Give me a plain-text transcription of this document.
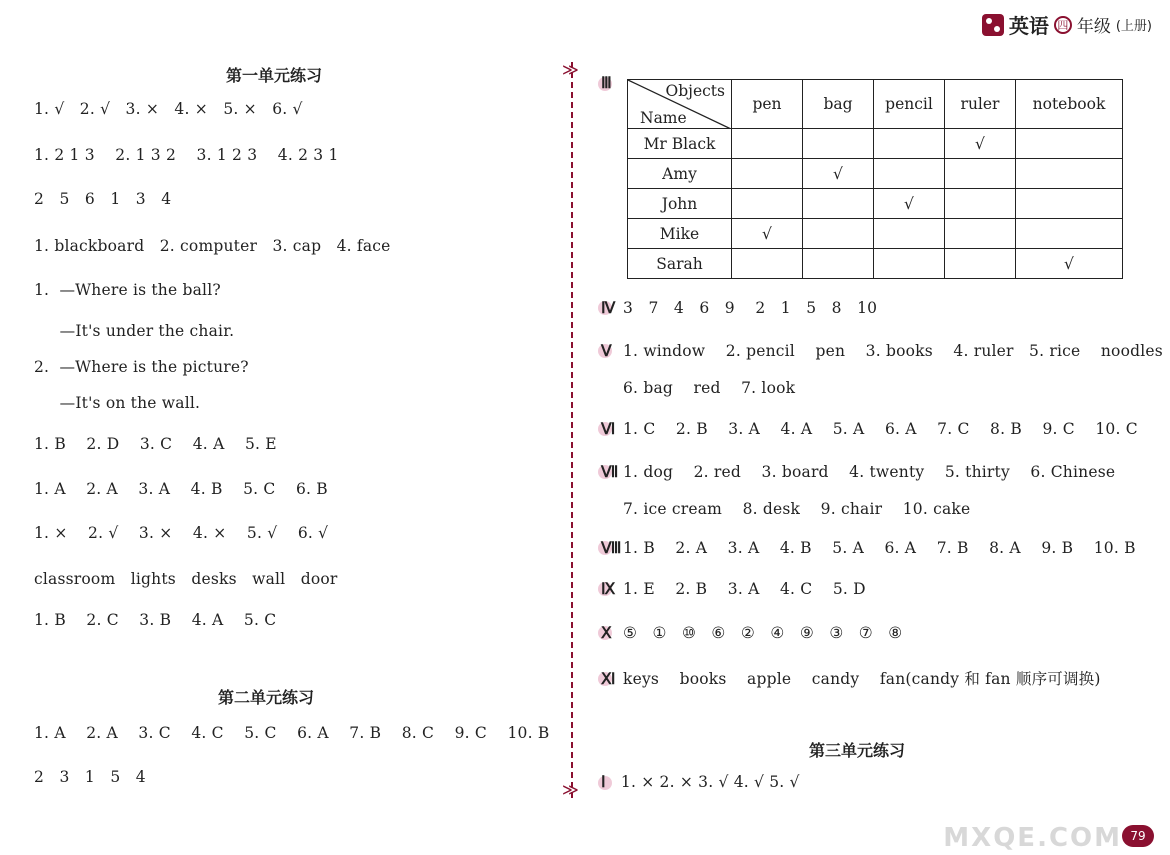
英语 四 年级 (上册)
≫
≫
第一单元练习
1. √   2. √   3. ×   4. ×   5. ×   6. √
1. 2 1 3    2. 1 3 2    3. 1 2 3    4. 2 3 1
2   5   6   1   3   4
1. blackboard   2. computer   3. cap   4. face
1.  —Where is the ball?
—It's under the chair.
2.  —Where is the picture?
—It's on the wall.
1. B    2. D    3. C    4. A    5. E
1. A    2. A    3. A    4. B    5. C    6. B
1. ×    2. √    3. ×    4. ×    5. √    6. √
classroom   lights   desks   wall   door
1. B    2. C    3. B    4. A    5. C
第二单元练习
1. A    2. A    3. C    4. C    5. C    6. A    7. B    8. C    9. C    10. B
2   3   1   5   4
Ⅲ	Objects
Name	pen	bag	pencil	ruler	notebook
Mr Black				√	
Amy		√			
John			√		
Mike	√				
Sarah					√
Ⅳ 3   7   4   6   9    2   1   5   8   10
Ⅴ 1. window    2. pencil    pen    3. books    4. ruler   5. rice    noodles
6. bag    red    7. look
Ⅵ 1. C    2. B    3. A    4. A    5. A    6. A    7. C    8. B    9. C    10. C
Ⅶ 1. dog    2. red    3. board    4. twenty    5. thirty    6. Chinese
7. ice cream    8. desk    9. chair    10. cake
Ⅷ1. B    2. A    3. A    4. B    5. A    6. A    7. B    8. A    9. B    10. B
Ⅸ 1. E    2. B    3. A    4. C    5. D
Ⅹ ⑤   ①   ⑩   ⑥   ②   ④   ⑨   ③   ⑦   ⑧
Ⅺ keys    books    apple    candy    fan(candy 和 fan 顺序可调换)
第三单元练习
Ⅰ 1. × 2. × 3. √ 4. √ 5. √
MXQE.COM 79
